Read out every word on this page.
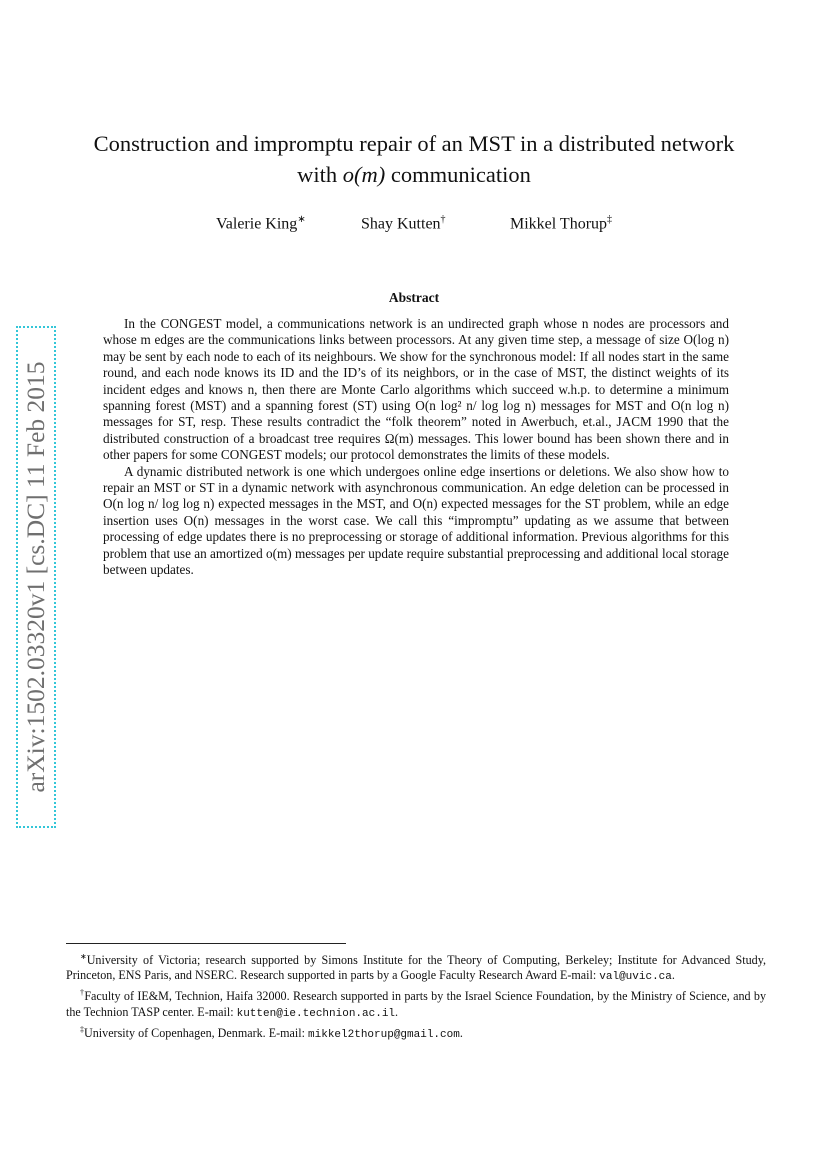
arXiv:1502.03320v1 [cs.DC] 11 Feb 2015
Construction and impromptu repair of an MST in a distributed network
with o(m) communication
Valerie King∗	Shay Kutten†	Mikkel Thorup‡
Abstract

In the CONGEST model, a communications network is an undirected graph whose n nodes are processors and whose m edges are the communications links between processors. At any given time step, a message of size O(log n) may be sent by each node to each of its neighbours. We show for the synchronous model: If all nodes start in the same round, and each node knows its ID and the ID’s of its neighbors, or in the case of MST, the distinct weights of its incident edges and knows n, then there are Monte Carlo algorithms which succeed w.h.p. to determine a minimum spanning forest (MST) and a spanning forest (ST) using O(n log² n/ log log n) messages for MST and O(n log n) messages for ST, resp. These results contradict the “folk theorem” noted in Awerbuch, et.al., JACM 1990 that the distributed construction of a broadcast tree requires Ω(m) messages. This lower bound has been shown there and in other papers for some CONGEST models; our protocol demonstrates the limits of these models.

A dynamic distributed network is one which undergoes online edge insertions or deletions. We also show how to repair an MST or ST in a dynamic network with asynchronous communication. An edge deletion can be processed in O(n log n/ log log n) expected messages in the MST, and O(n) expected messages for the ST problem, while an edge insertion uses O(n) messages in the worst case. We call this “impromptu” updating as we assume that between processing of edge updates there is no preprocessing or storage of additional information. Previous algorithms for this problem that use an amortized o(m) messages per update require substantial preprocessing and additional local storage between updates.

∗University of Victoria; research supported by Simons Institute for the Theory of Computing, Berkeley; Institute for Advanced Study, Princeton, ENS Paris, and NSERC. Research supported in parts by a Google Faculty Research Award E-mail: val@uvic.ca.

†Faculty of IE&M, Technion, Haifa 32000. Research supported in parts by the Israel Science Foundation, by the Ministry of Science, and by the Technion TASP center. E-mail: kutten@ie.technion.ac.il.

‡University of Copenhagen, Denmark. E-mail: mikkel2thorup@gmail.com.
